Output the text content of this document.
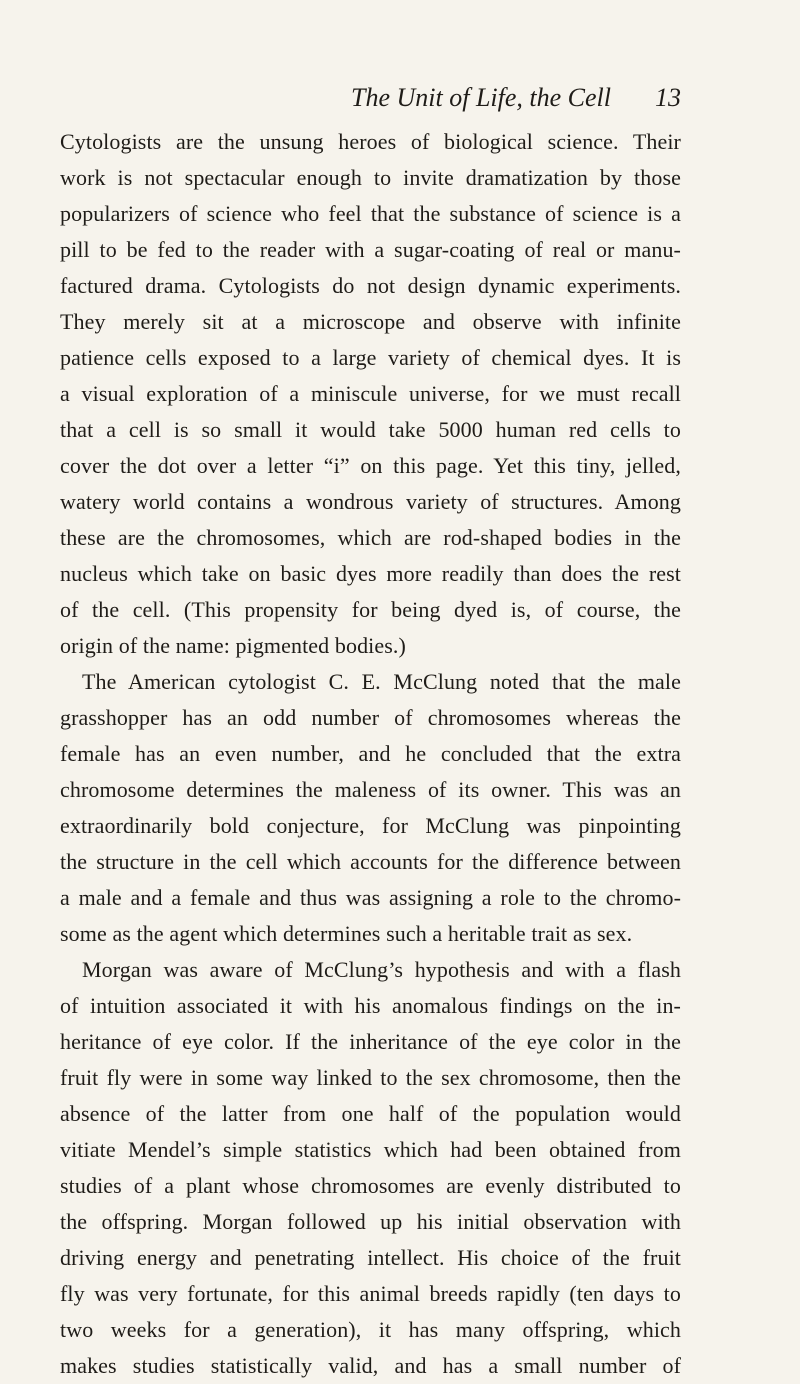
The Unit of Life, the Cell 13
Cytologists are the unsung heroes of biological science. Their
work is not spectacular enough to invite dramatization by those
popularizers of science who feel that the substance of science is a
pill to be fed to the reader with a sugar-coating of real or manu-
factured drama. Cytologists do not design dynamic experiments.
They merely sit at a microscope and observe with infinite
patience cells exposed to a large variety of chemical dyes. It is
a visual exploration of a miniscule universe, for we must recall
that a cell is so small it would take 5000 human red cells to
cover the dot over a letter “i” on this page. Yet this tiny, jelled,
watery world contains a wondrous variety of structures. Among
these are the chromosomes, which are rod-shaped bodies in the
nucleus which take on basic dyes more readily than does the rest
of the cell. (This propensity for being dyed is, of course, the
origin of the name: pigmented bodies.)
The American cytologist C. E. McClung noted that the male
grasshopper has an odd number of chromosomes whereas the
female has an even number, and he concluded that the extra
chromosome determines the maleness of its owner. This was an
extraordinarily bold conjecture, for McClung was pinpointing
the structure in the cell which accounts for the difference between
a male and a female and thus was assigning a role to the chromo-
some as the agent which determines such a heritable trait as sex.
Morgan was aware of McClung’s hypothesis and with a flash
of intuition associated it with his anomalous findings on the in-
heritance of eye color. If the inheritance of the eye color in the
fruit fly were in some way linked to the sex chromosome, then the
absence of the latter from one half of the population would
vitiate Mendel’s simple statistics which had been obtained from
studies of a plant whose chromosomes are evenly distributed to
the offspring. Morgan followed up his initial observation with
driving energy and penetrating intellect. His choice of the fruit
fly was very fortunate, for this animal breeds rapidly (ten days to
two weeks for a generation), it has many offspring, which
makes studies statistically valid, and has a small number of
